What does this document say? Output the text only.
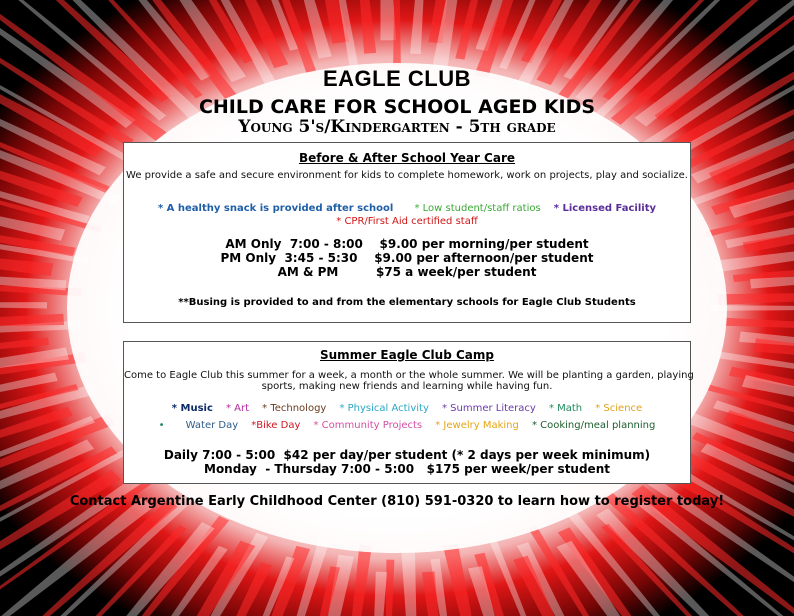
EAGLE CLUB
CHILD CARE FOR SCHOOL AGED KIDS
Young 5's/Kindergarten - 5th grade
Before & After School Year Care
We provide a safe and secure environment for kids to complete homework, work on projects, play and socialize.
* A healthy snack is provided after school * Low student/staff ratios * Licensed Facility
* CPR/First Aid certified staff
AM Only  7:00 - 8:00    $9.00 per morning/per student
PM Only  3:45 - 5:30    $9.00 per afternoon/per student
AM & PM         $75 a week/per student
**Busing is provided to and from the elementary schools for Eagle Club Students
Summer Eagle Club Camp
Come to Eagle Club this summer for a week, a month or the whole summer. We will be planting a garden, playing
sports, making new friends and learning while having fun.
* Music * Art * Technology * Physical Activity * Summer Literacy * Math * Science
• Water Day *Bike Day * Community Projects * Jewelry Making * Cooking/meal planning
Daily 7:00 - 5:00  $42 per day/per student (* 2 days per week minimum)
Monday  - Thursday 7:00 - 5:00   $175 per week/per student
Contact Argentine Early Childhood Center (810) 591-0320 to learn how to register today!
